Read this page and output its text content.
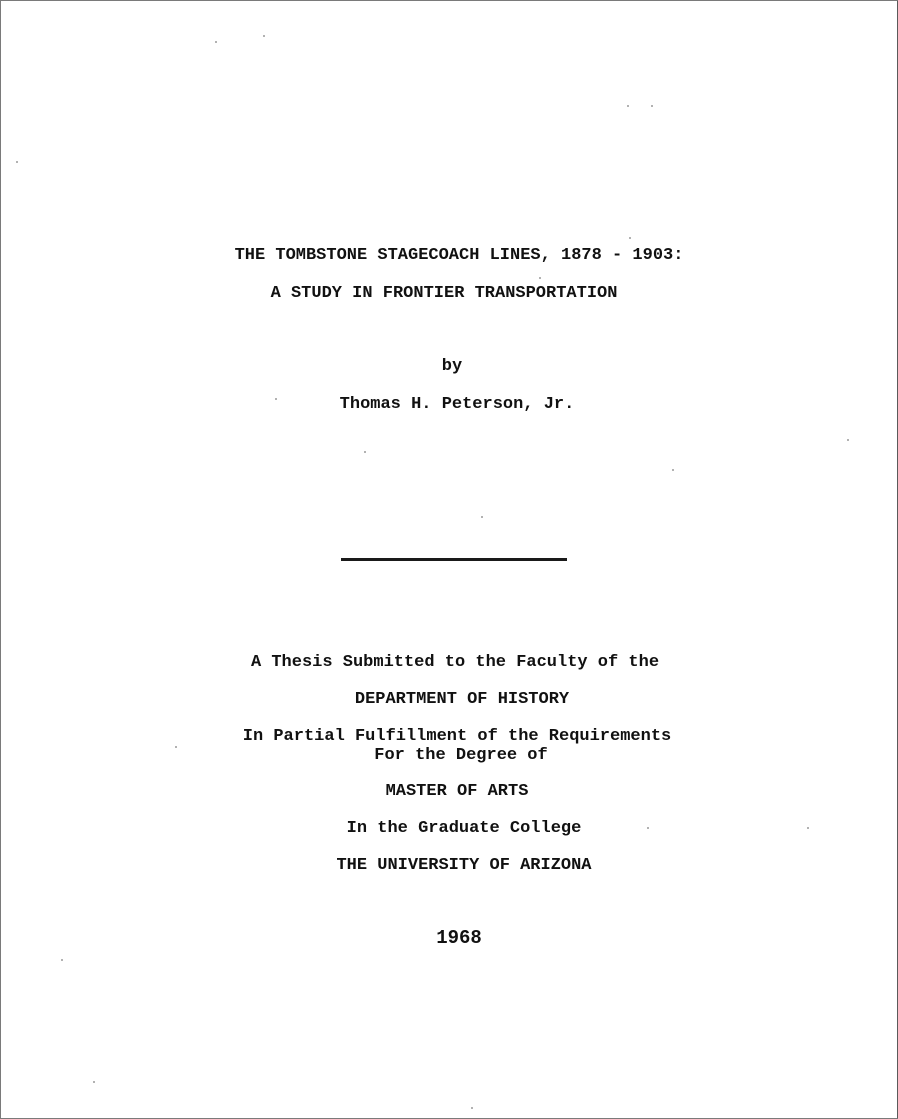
THE TOMBSTONE STAGECOACH LINES, 1878 - 1903:
A STUDY IN FRONTIER TRANSPORTATION
by
Thomas H. Peterson, Jr.
A Thesis Submitted to the Faculty of the
DEPARTMENT OF HISTORY
In Partial Fulfillment of the Requirements
For the Degree of
MASTER OF ARTS
In the Graduate College
THE UNIVERSITY OF ARIZONA
1968
